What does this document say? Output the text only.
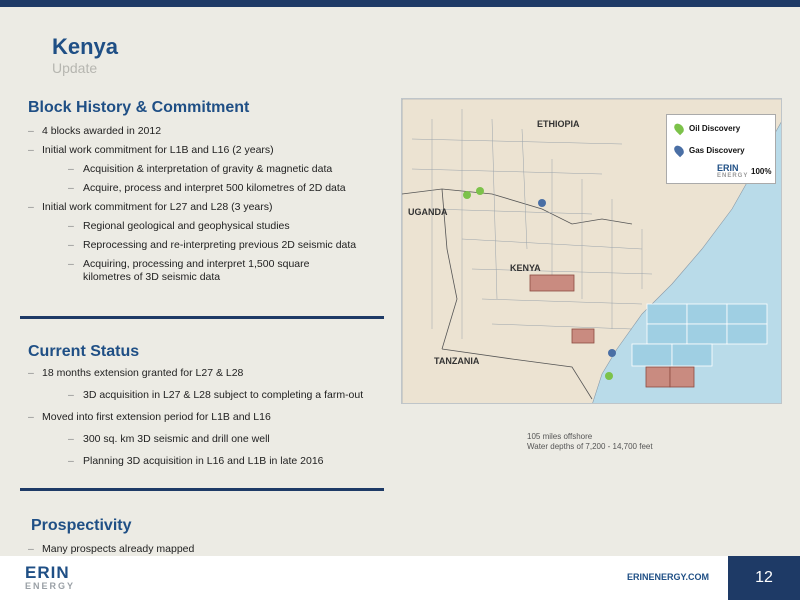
Kenya
Update
Block History & Commitment
– 4 blocks awarded in 2012
– Initial work commitment for L1B and L16 (2 years)
– Acquisition & interpretation of gravity & magnetic data
– Acquire, process and interpret 500 kilometres of 2D data
– Initial work commitment for L27 and L28 (3 years)
– Regional geological and geophysical studies
– Reprocessing and re-interpreting previous 2D seismic data
– Acquiring, processing and interpret 1,500 square kilometres of 3D seismic data
Current Status
– 18 months extension granted for L27 & L28
– 3D acquisition in L27 & L28 subject to completing a farm-out
– Moved into first extension period for L1B and L16
– 300 sq. km 3D seismic and drill one well
– Planning 3D acquisition in L16 and L1B in late 2016
Prospectivity
– Many prospects already mapped
ETHIOPIA
UGANDA
KENYA
TANZANIA
Oil Discovery
Gas Discovery
ERIN
ENERGY 100%
105 miles offshore
Water depths of 7,200 - 14,700 feet
ERIN
ENERGY
ERINENERGY.COM	12
